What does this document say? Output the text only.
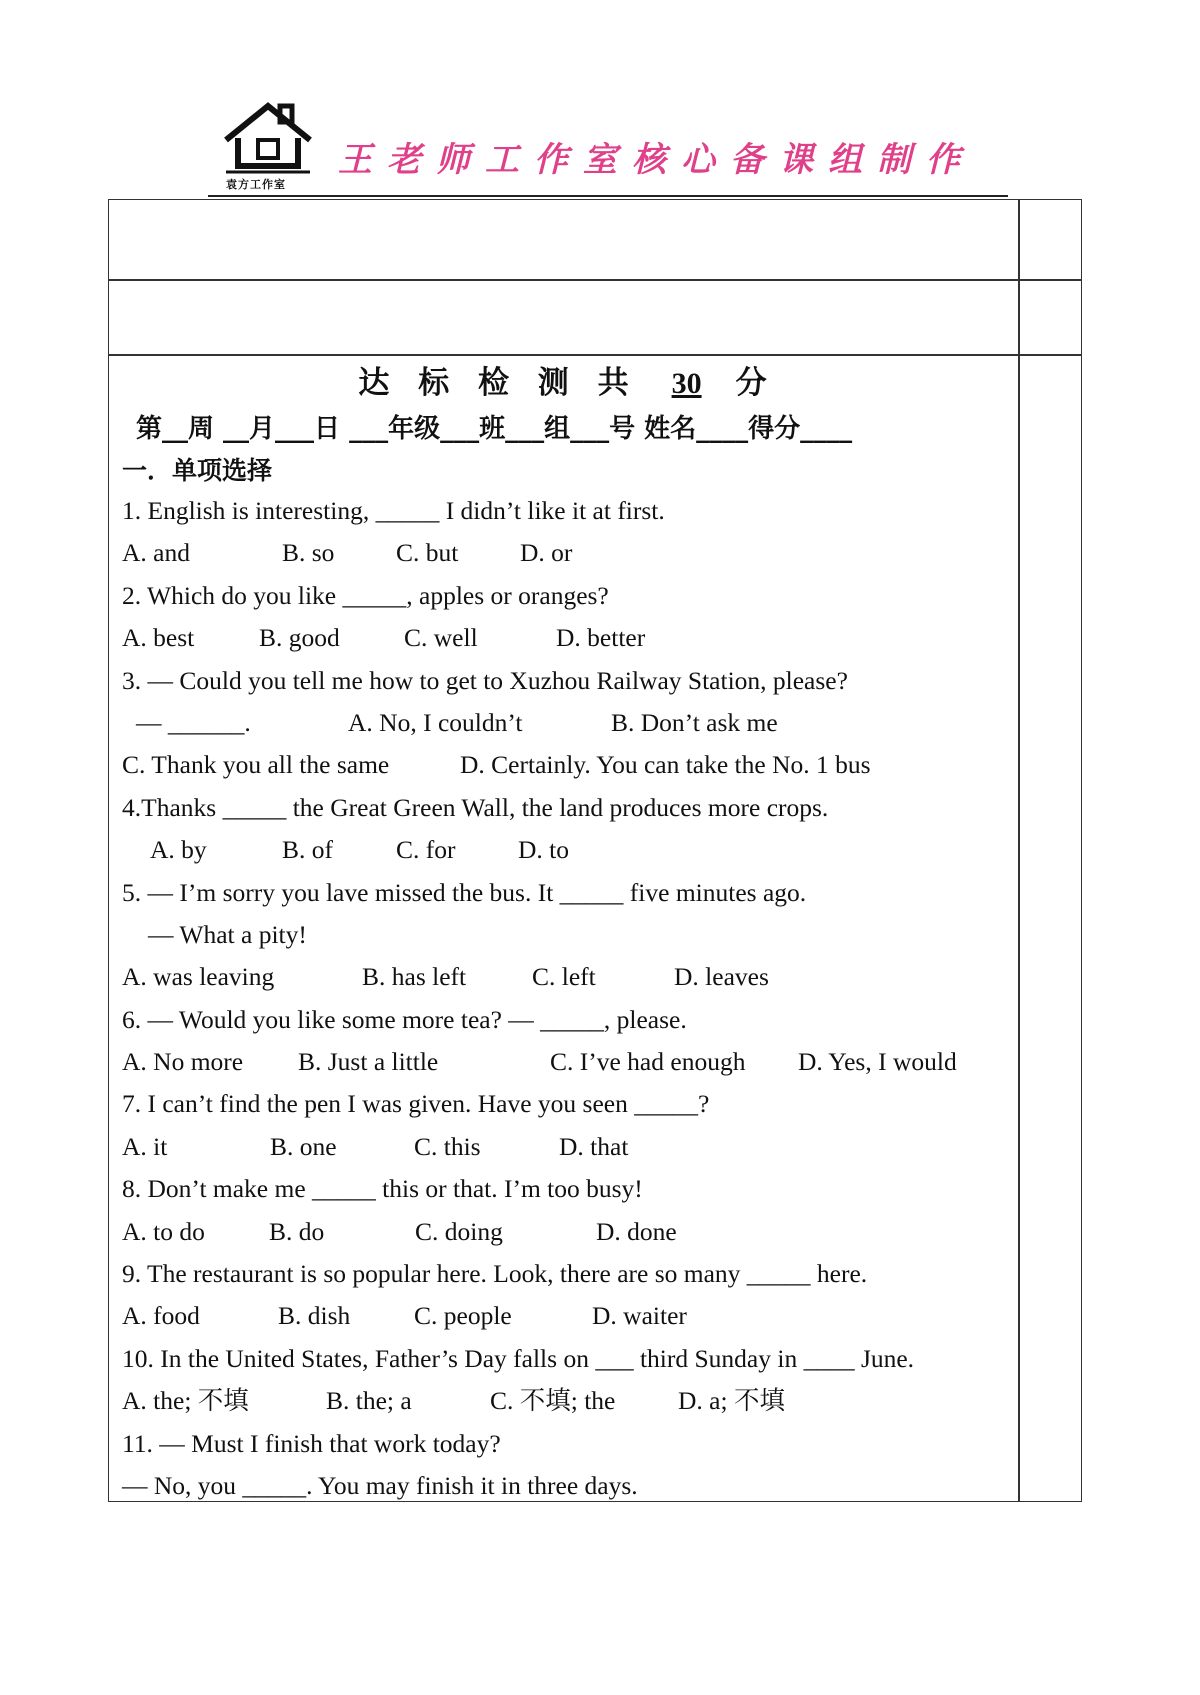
袁方工作室
王老师工作室核心备课组制作
达 标 检 测 共 30 分
第__周 __月___日 ___年级___班___组___号 姓名____得分____
一．单项选择
1. English is interesting, _____ I didn’t like it at first.
A. and	B. so C. but D. or
2. Which do you like _____, apples or oranges?
A. best	B. good	C. well	D. better
3. — Could you tell me how to get to Xuzhou Railway Station, please?
— ______.	A. No, I couldn’t	B. Don’t ask me
C. Thank you all the same	D. Certainly. You can take the No. 1 bus
4.Thanks _____ the Great Green Wall, the land produces more crops.
A. by	B. of C. for D. to
5. — I’m sorry you lave missed the bus. It _____ five minutes ago.
— What a pity!
A. was leaving	B. has left	C. left	D. leaves
6. — Would you like some more tea? — _____, please.
A. No more B. Just a little	C. I’ve had enough D. Yes, I would
7. I can’t find the pen I was given. Have you seen _____?
A. it	B. one	C. this	D. that
8. Don’t make me _____ this or that. I’m too busy!
A. to do	B. do	C. doing	D. done
9. The restaurant is so popular here. Look, there are so many _____ here.
A. food	B. dish C. people	D. waiter
10. In the United States, Father’s Day falls on ___ third Sunday in ____ June.
A. the; 不填	B. the; a	C. 不填; the D. a; 不填
11. — Must I finish that work today?
— No, you _____. You may finish it in three days.
